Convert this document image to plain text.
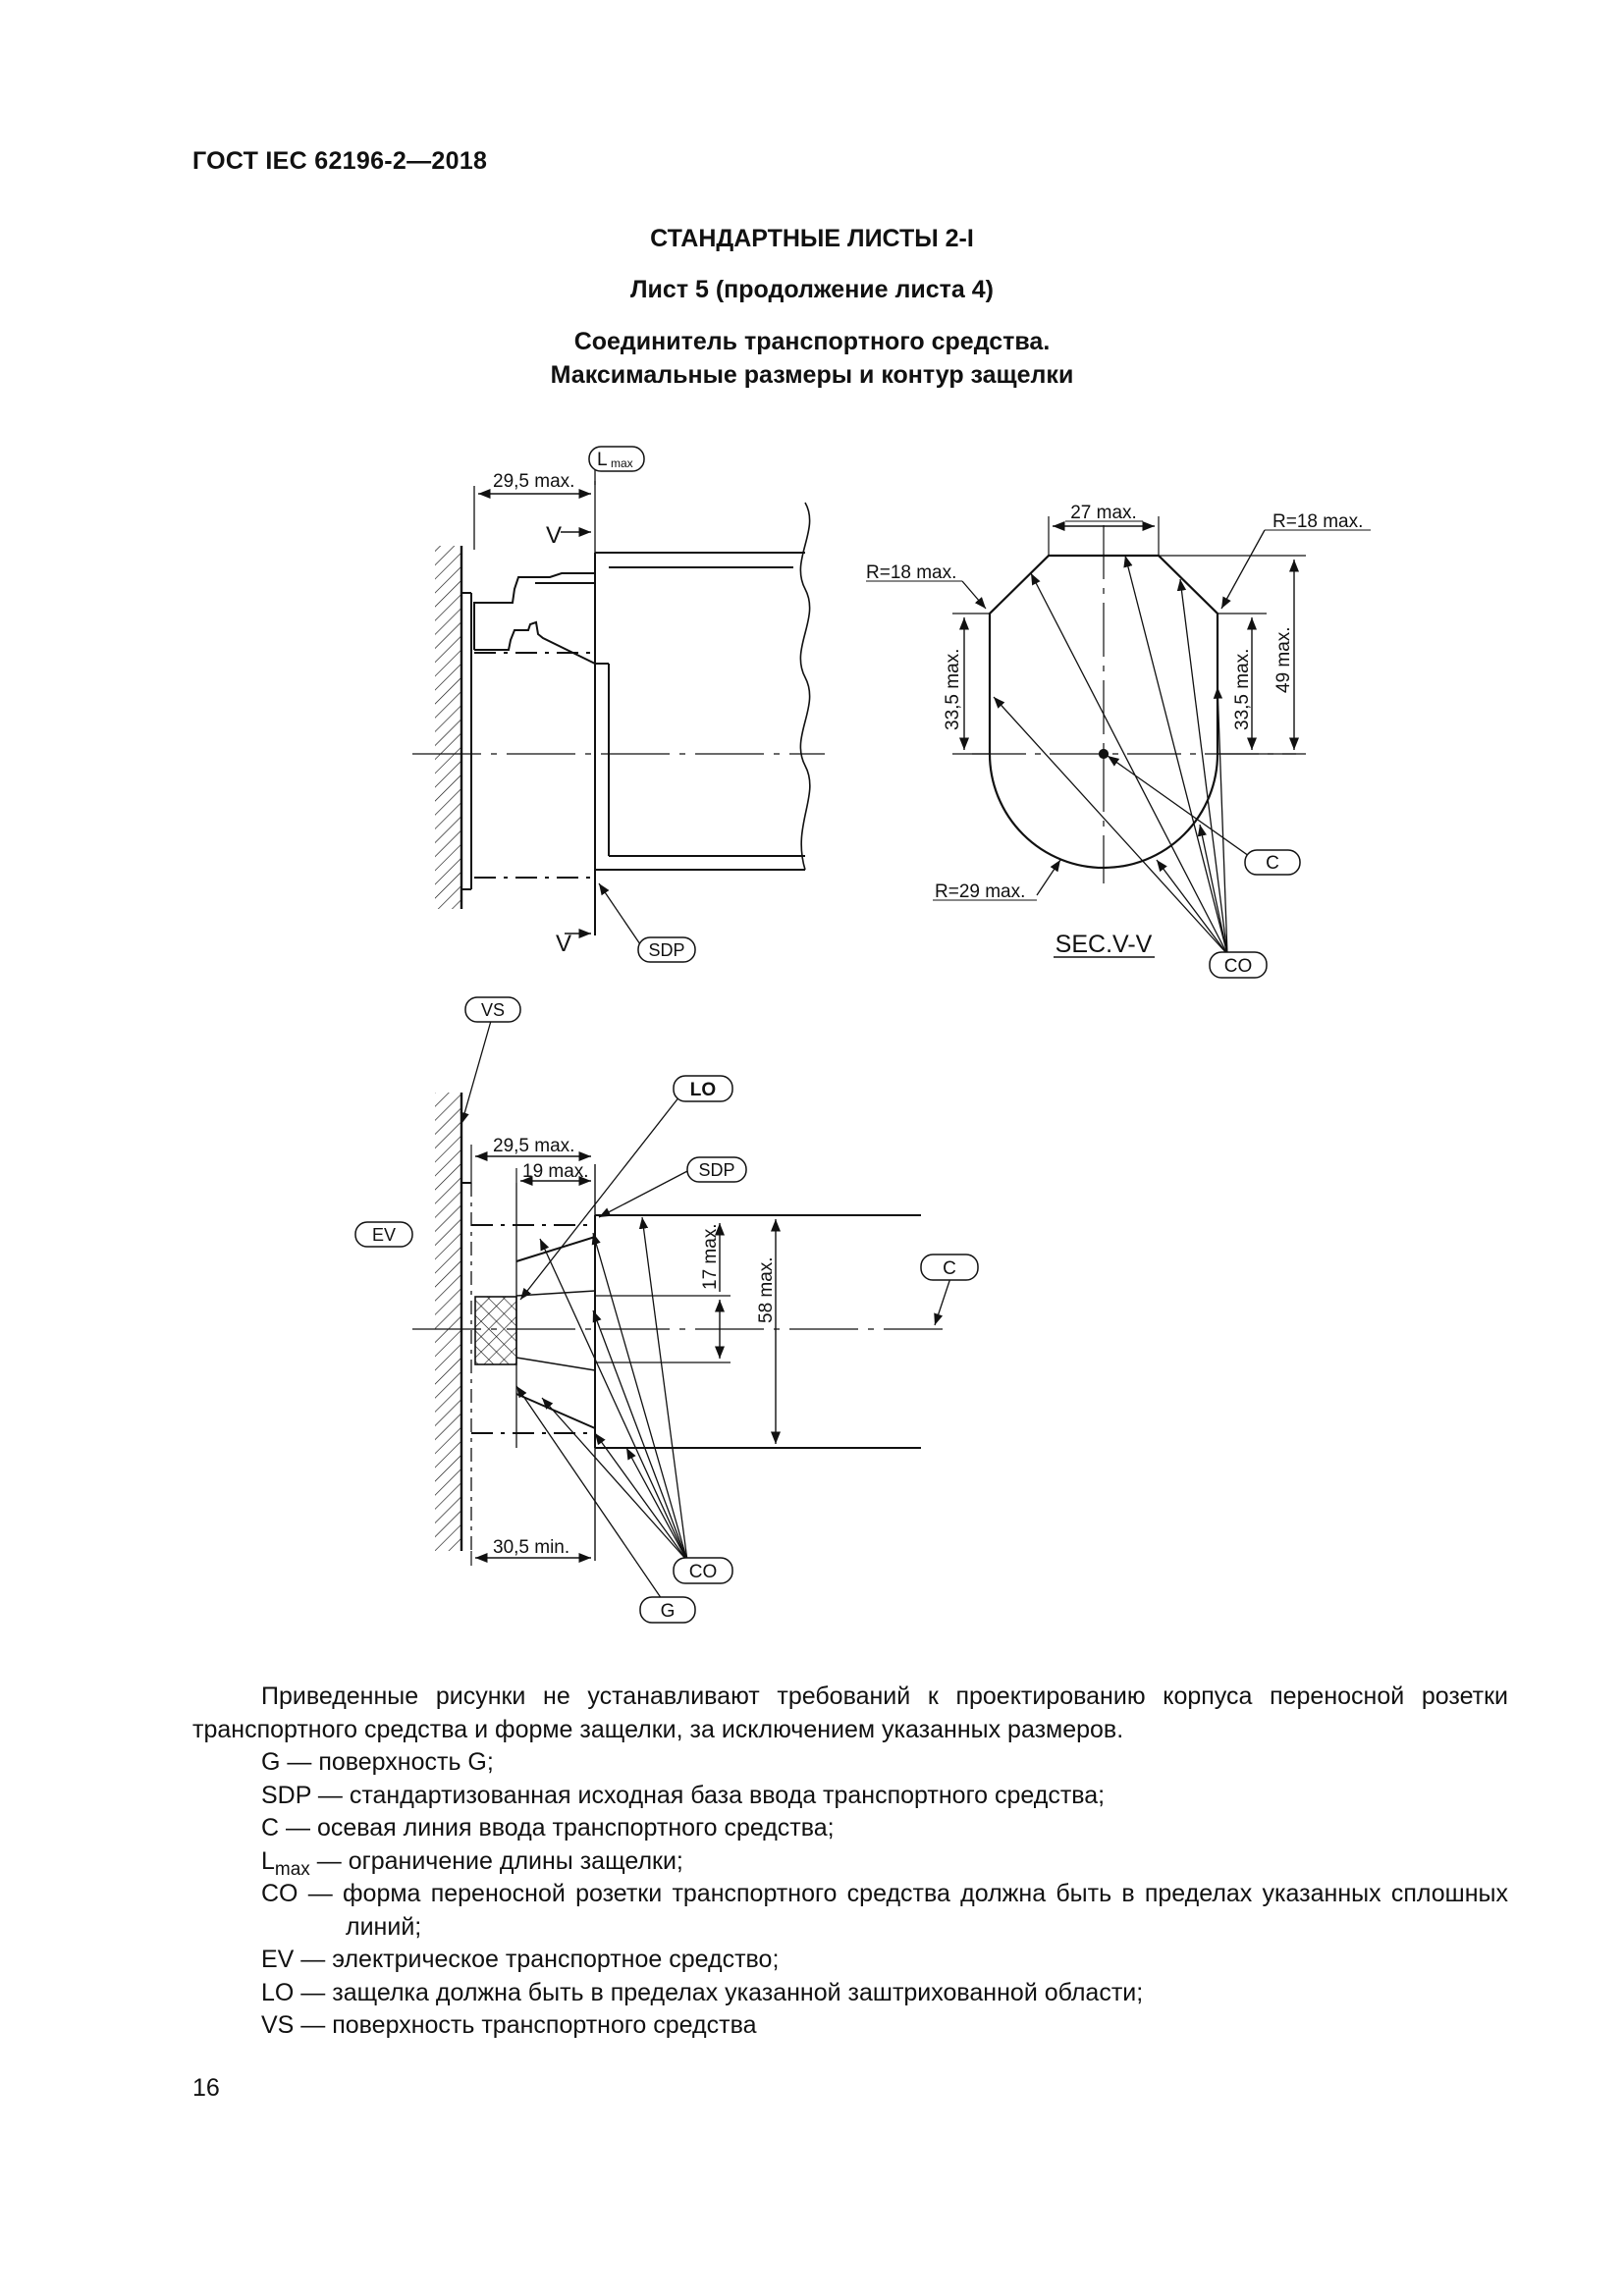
ГОСТ IEC 62196-2—2018
СТАНДАРТНЫЕ ЛИСТЫ 2-I
Лист 5 (продолжение листа 4)
Соединитель транспортного средства.
Максимальные размеры и контур защелки
29,5 max.
L max
V
V	SDP
27 max.
R=18 max.
R=18 max.
R=29 max.
33,5 max.	33,5 max. 49 max.
C
CO
SEC.V-V
VS
LO
SDP
EV
C
CO
G
29,5 max.
19 max.
17 max.
58 max.
30,5 min.

Приведенные рисунки не устанавливают требований к проектированию корпуса переносной розетки транспортного средства и форме защелки, за исключением указанных размеров.

G — поверхность G;
SDP — стандартизованная исходная база ввода транспортного средства;
C — осевая линия ввода транспортного средства;
$L_{max}$ — ограничение длины защелки;
CO — форма переносной розетки транспортного средства должна быть в пределах указанных сплошных линий;
EV — электрическое транспортное средство;
LO — защелка должна быть в пределах указанной заштрихованной области;
VS — поверхность транспортного средства
16
